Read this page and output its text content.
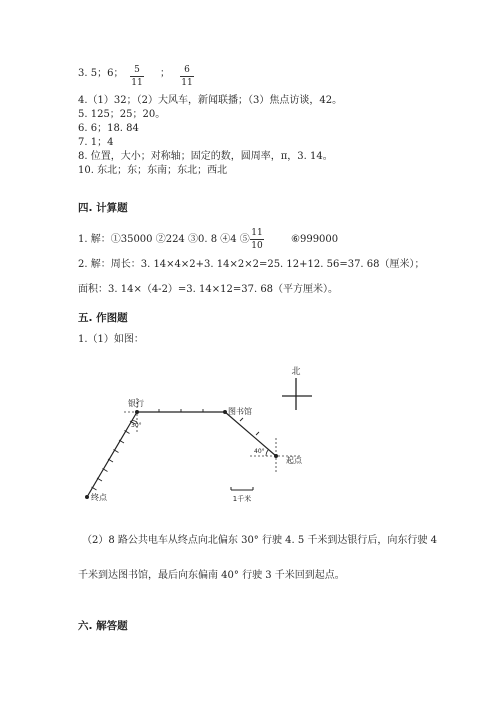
3. 5；6； $\frac{5}{11}$ ； $\frac{6}{11}$
4.（1）32；（2）大风车，新闻联播；（3）焦点访谈，42。
5. 125；25；20。
6. 6；18. 84
7. 1；4
8. 位置，大小；对称轴；固定的数，圆周率，π，3. 14。
10. 东北；东；东南；东北；西北
四. 计算题
1. 解：①35000 ②224 ③0. 8 ④4 ⑤ $\frac{11}{10}$	⑥999000
2. 解：周长：3. 14×4×2+3. 14×2×2=25. 12+12. 56=37. 68（厘米）；
面积：3. 14×（4-2）=3. 14×12=37. 68（平方厘米）。
五. 作图题
1.（1）如图：
北
银行
图书馆
起点
终点
30°
40°
1千米
（2）8 路公共电车从终点向北偏东 30° 行驶 4. 5 千米到达银行后，向东行驶 4
千米到达图书馆，最后向东偏南 40° 行驶 3 千米回到起点。
六. 解答题
